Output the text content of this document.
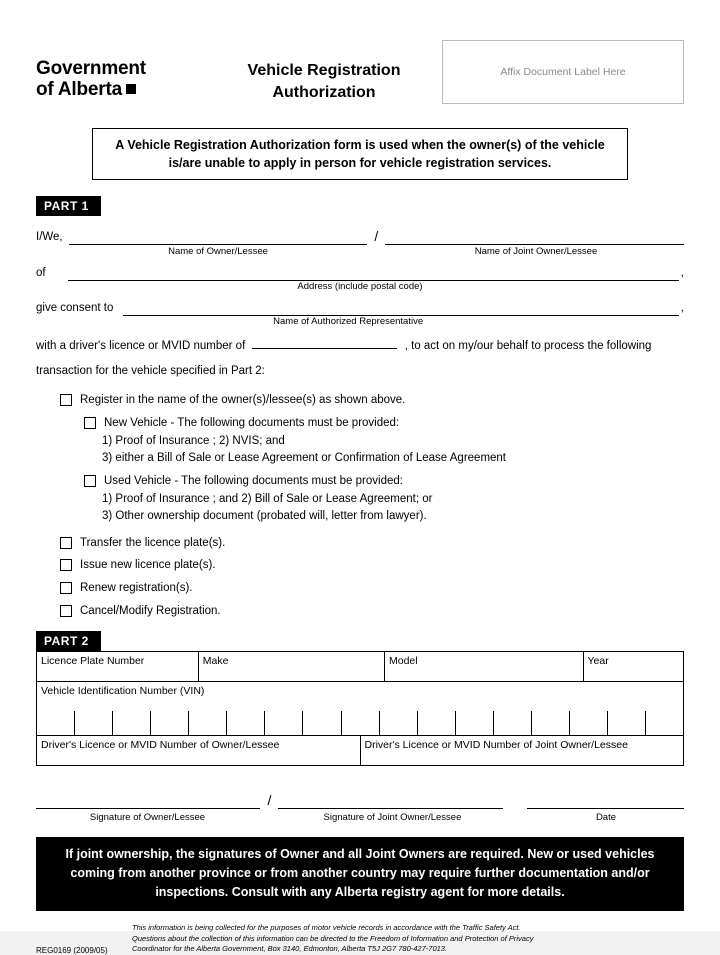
Government
of Alberta
Vehicle Registration
Authorization
Affix Document Label Here
A Vehicle Registration Authorization form is used when the owner(s) of the vehicle is/are unable to apply in person for vehicle registration services.
PART 1
I/We,	/
Name of Owner/Lessee	Name of Joint Owner/Lessee
of	,
Address (include postal code)
give consent to	,
Name of Authorized Representative
with a driver's licence or MVID number of	, to act on my/our behalf to process the following
transaction for the vehicle specified in Part 2:
Register in the name of the owner(s)/lessee(s) as shown above.
New Vehicle - The following documents must be provided:
1) Proof of Insurance ; 2) NVIS; and
3) either a Bill of Sale or Lease Agreement or Confirmation of Lease Agreement
Used Vehicle - The following documents must be provided:
1) Proof of Insurance ; and 2) Bill of Sale or Lease Agreement; or
3) Other ownership document (probated will, letter from lawyer).
Transfer the licence plate(s).
Issue new licence plate(s).
Renew registration(s).
Cancel/Modify Registration.
PART 2
Licence Plate Number	Make	Model	Year
Vehicle Identification Number (VIN)
Driver's Licence or MVID Number of Owner/Lessee	Driver's Licence or MVID Number of Joint Owner/Lessee
/
Signature of Owner/Lessee	Signature of Joint Owner/Lessee	Date
If joint ownership, the signatures of Owner and all Joint Owners are required. New or used vehicles coming from another province or from another country may require further documentation and/or inspections. Consult with any Alberta registry agent for more details.
REG0169 (2009/05)
This information is being collected for the purposes of motor vehicle records in accordance with the Traffic Safety Act.
Questions about the collection of this information can be directed to the Freedom of Information and Protection of Privacy
Coordinator for the Alberta Government, Box 3140, Edmonton, Alberta T5J 2G7 780-427-7013.
